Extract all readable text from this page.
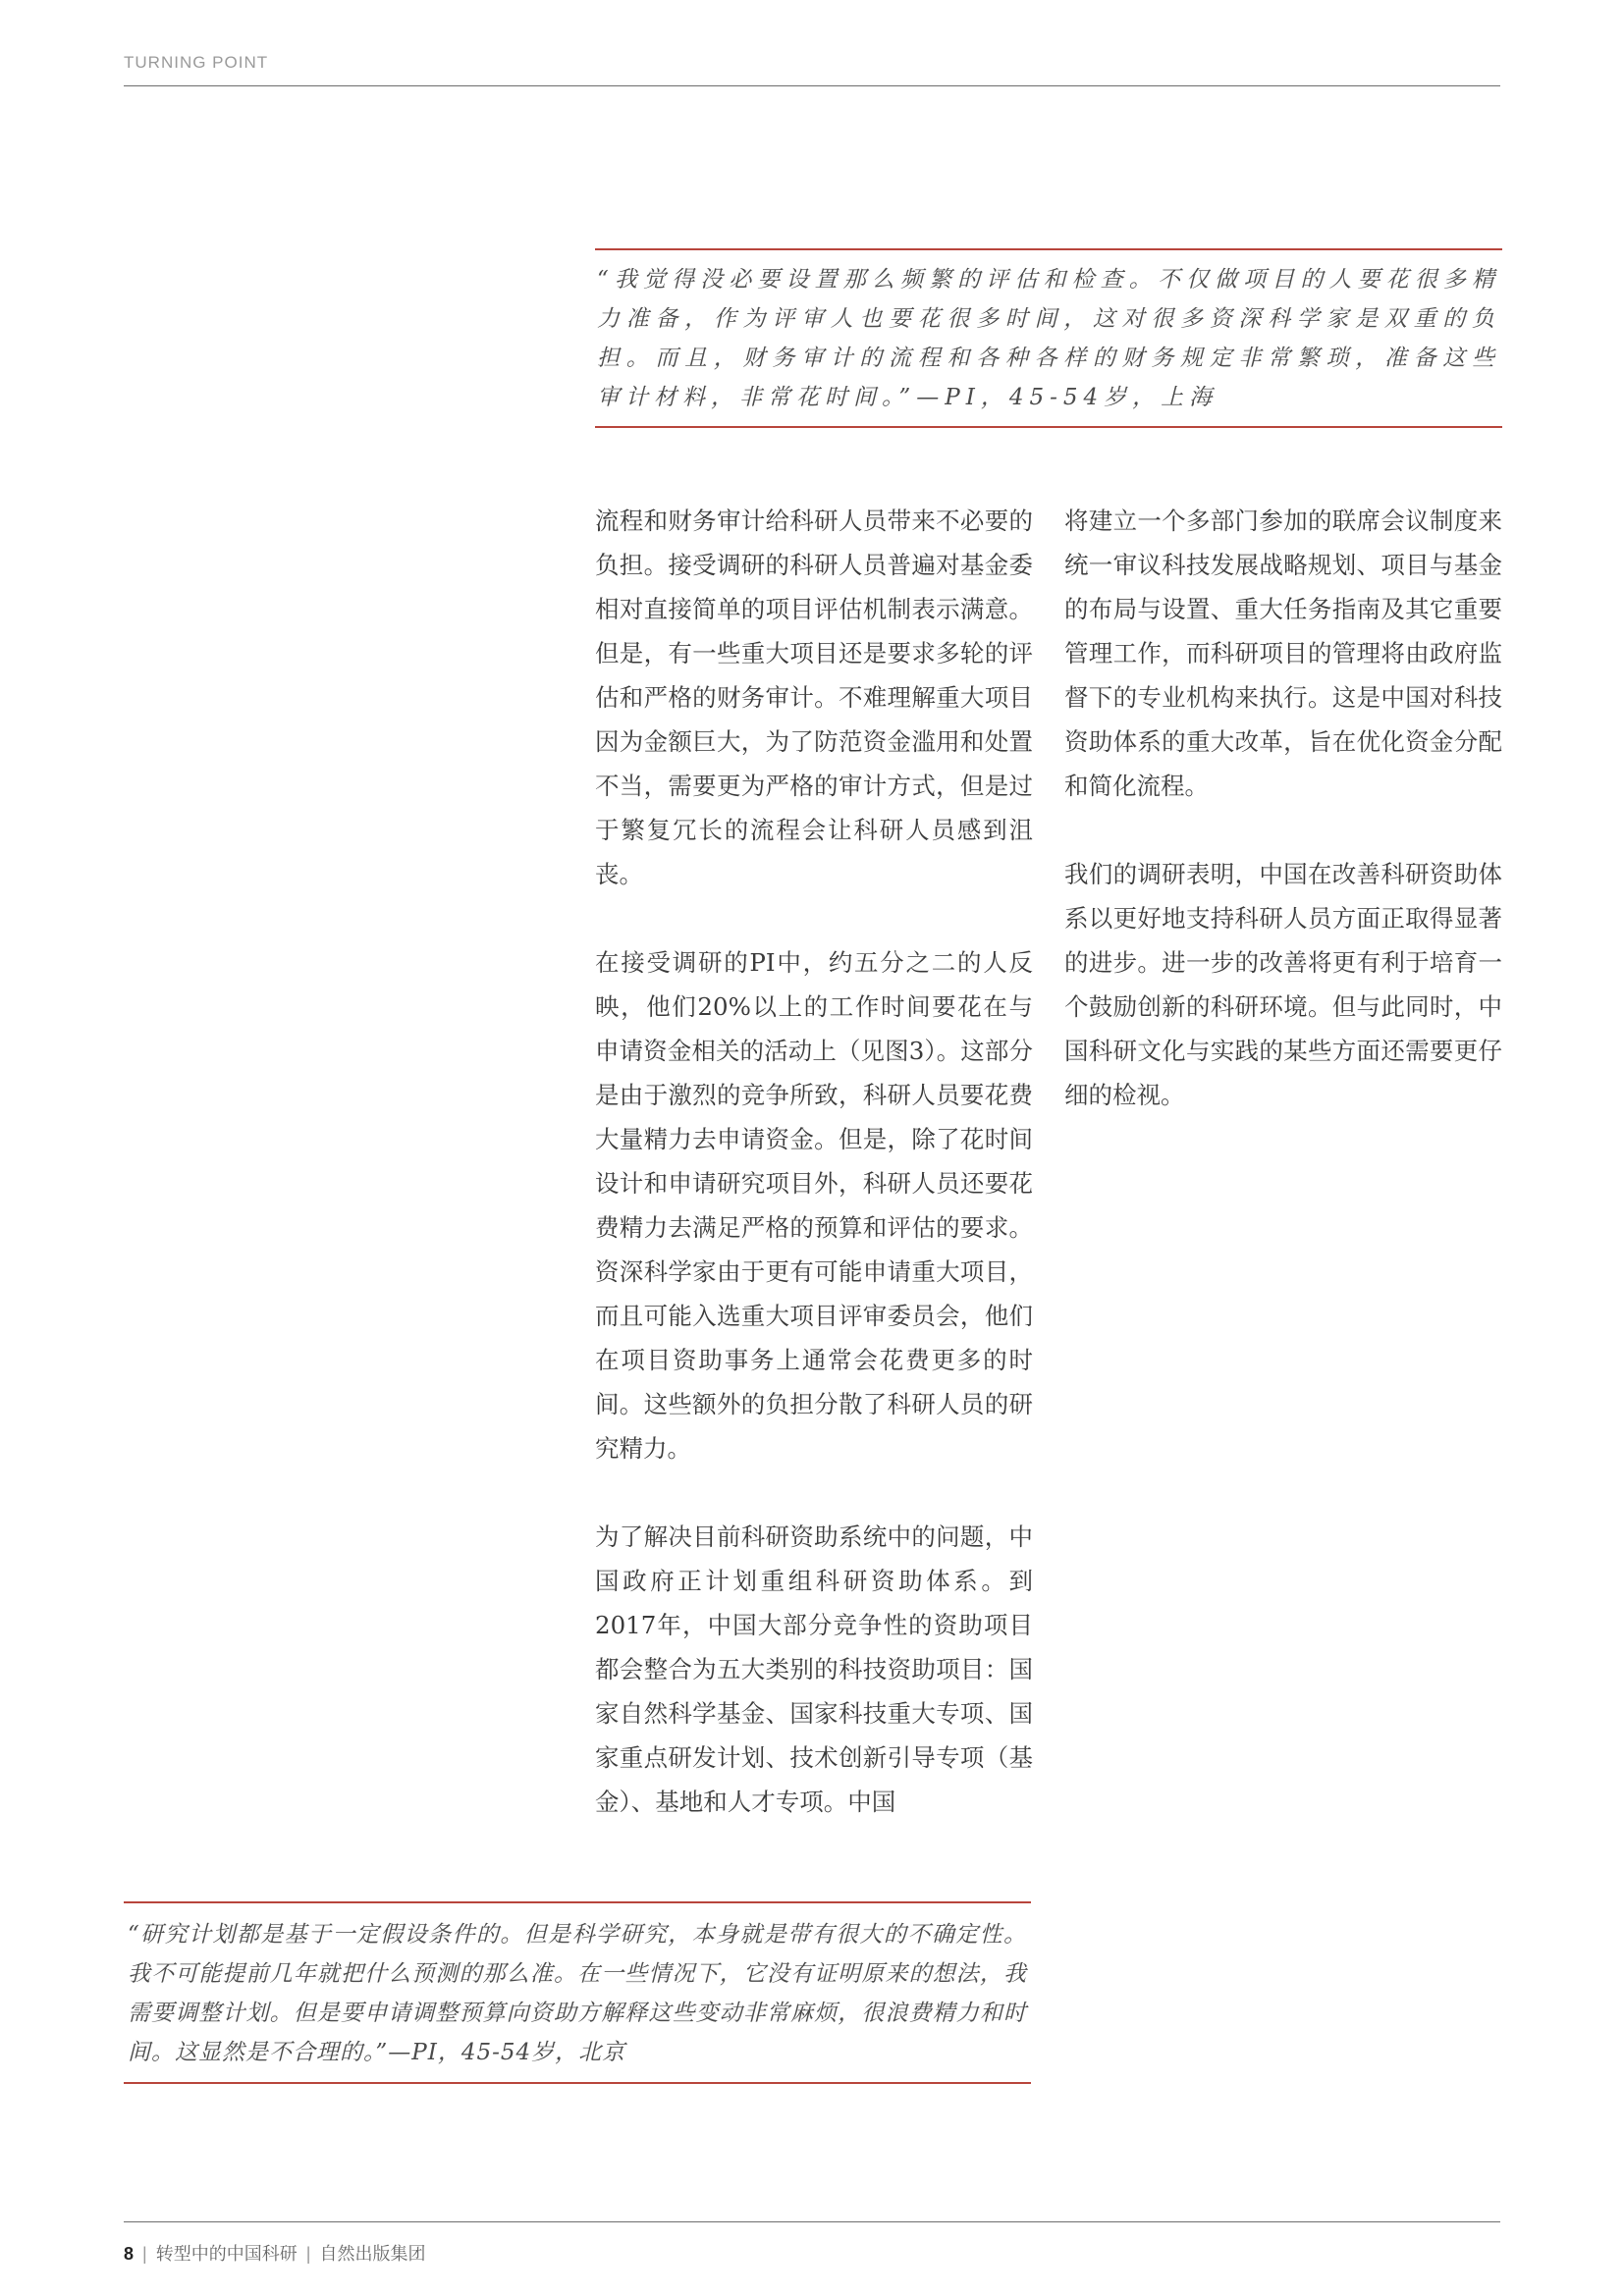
TURNING POINT

“我觉得没必要设置那么频繁的评估和检查。不仅做项目的人要花很多精力准备，作为评审人也要花很多时间，这对很多资深科学家是双重的负担。而且，财务审计的流程和各种各样的财务规定非常繁琐，准备这些审计材料，非常花时间。”—PI，45-54岁，上海

流程和财务审计给科研人员带来不必要的负担。接受调研的科研人员普遍对基金委相对直接简单的项目评估机制表示满意。但是，有一些重大项目还是要求多轮的评估和严格的财务审计。不难理解重大项目因为金额巨大，为了防范资金滥用和处置不当，需要更为严格的审计方式，但是过于繁复冗长的流程会让科研人员感到沮丧。

在接受调研的PI中，约五分之二的人反映，他们20%以上的工作时间要花在与申请资金相关的活动上（见图3）。这部分是由于激烈的竞争所致，科研人员要花费大量精力去申请资金。但是，除了花时间设计和申请研究项目外，科研人员还要花费精力去满足严格的预算和评估的要求。资深科学家由于更有可能申请重大项目，而且可能入选重大项目评审委员会，他们在项目资助事务上通常会花费更多的时间。这些额外的负担分散了科研人员的研究精力。

为了解决目前科研资助系统中的问题，中国政府正计划重组科研资助体系。到2017年，中国大部分竞争性的资助项目都会整合为五大类别的科技资助项目：国家自然科学基金、国家科技重大专项、国家重点研发计划、技术创新引导专项（基金）、基地和人才专项。中国

将建立一个多部门参加的联席会议制度来统一审议科技发展战略规划、项目与基金的布局与设置、重大任务指南及其它重要管理工作，而科研项目的管理将由政府监督下的专业机构来执行。这是中国对科技资助体系的重大改革，旨在优化资金分配和简化流程。

我们的调研表明，中国在改善科研资助体系以更好地支持科研人员方面正取得显著的进步。进一步的改善将更有利于培育一个鼓励创新的科研环境。但与此同时，中国科研文化与实践的某些方面还需要更仔细的检视。

“研究计划都是基于一定假设条件的。但是科学研究，本身就是带有很大的不确定性。我不可能提前几年就把什么预测的那么准。在一些情况下，它没有证明原来的想法，我需要调整计划。但是要申请调整预算向资助方解释这些变动非常麻烦，很浪费精力和时间。这显然是不合理的。”—PI，45-54岁，北京

8 | 转型中的中国科研 | 自然出版集团
